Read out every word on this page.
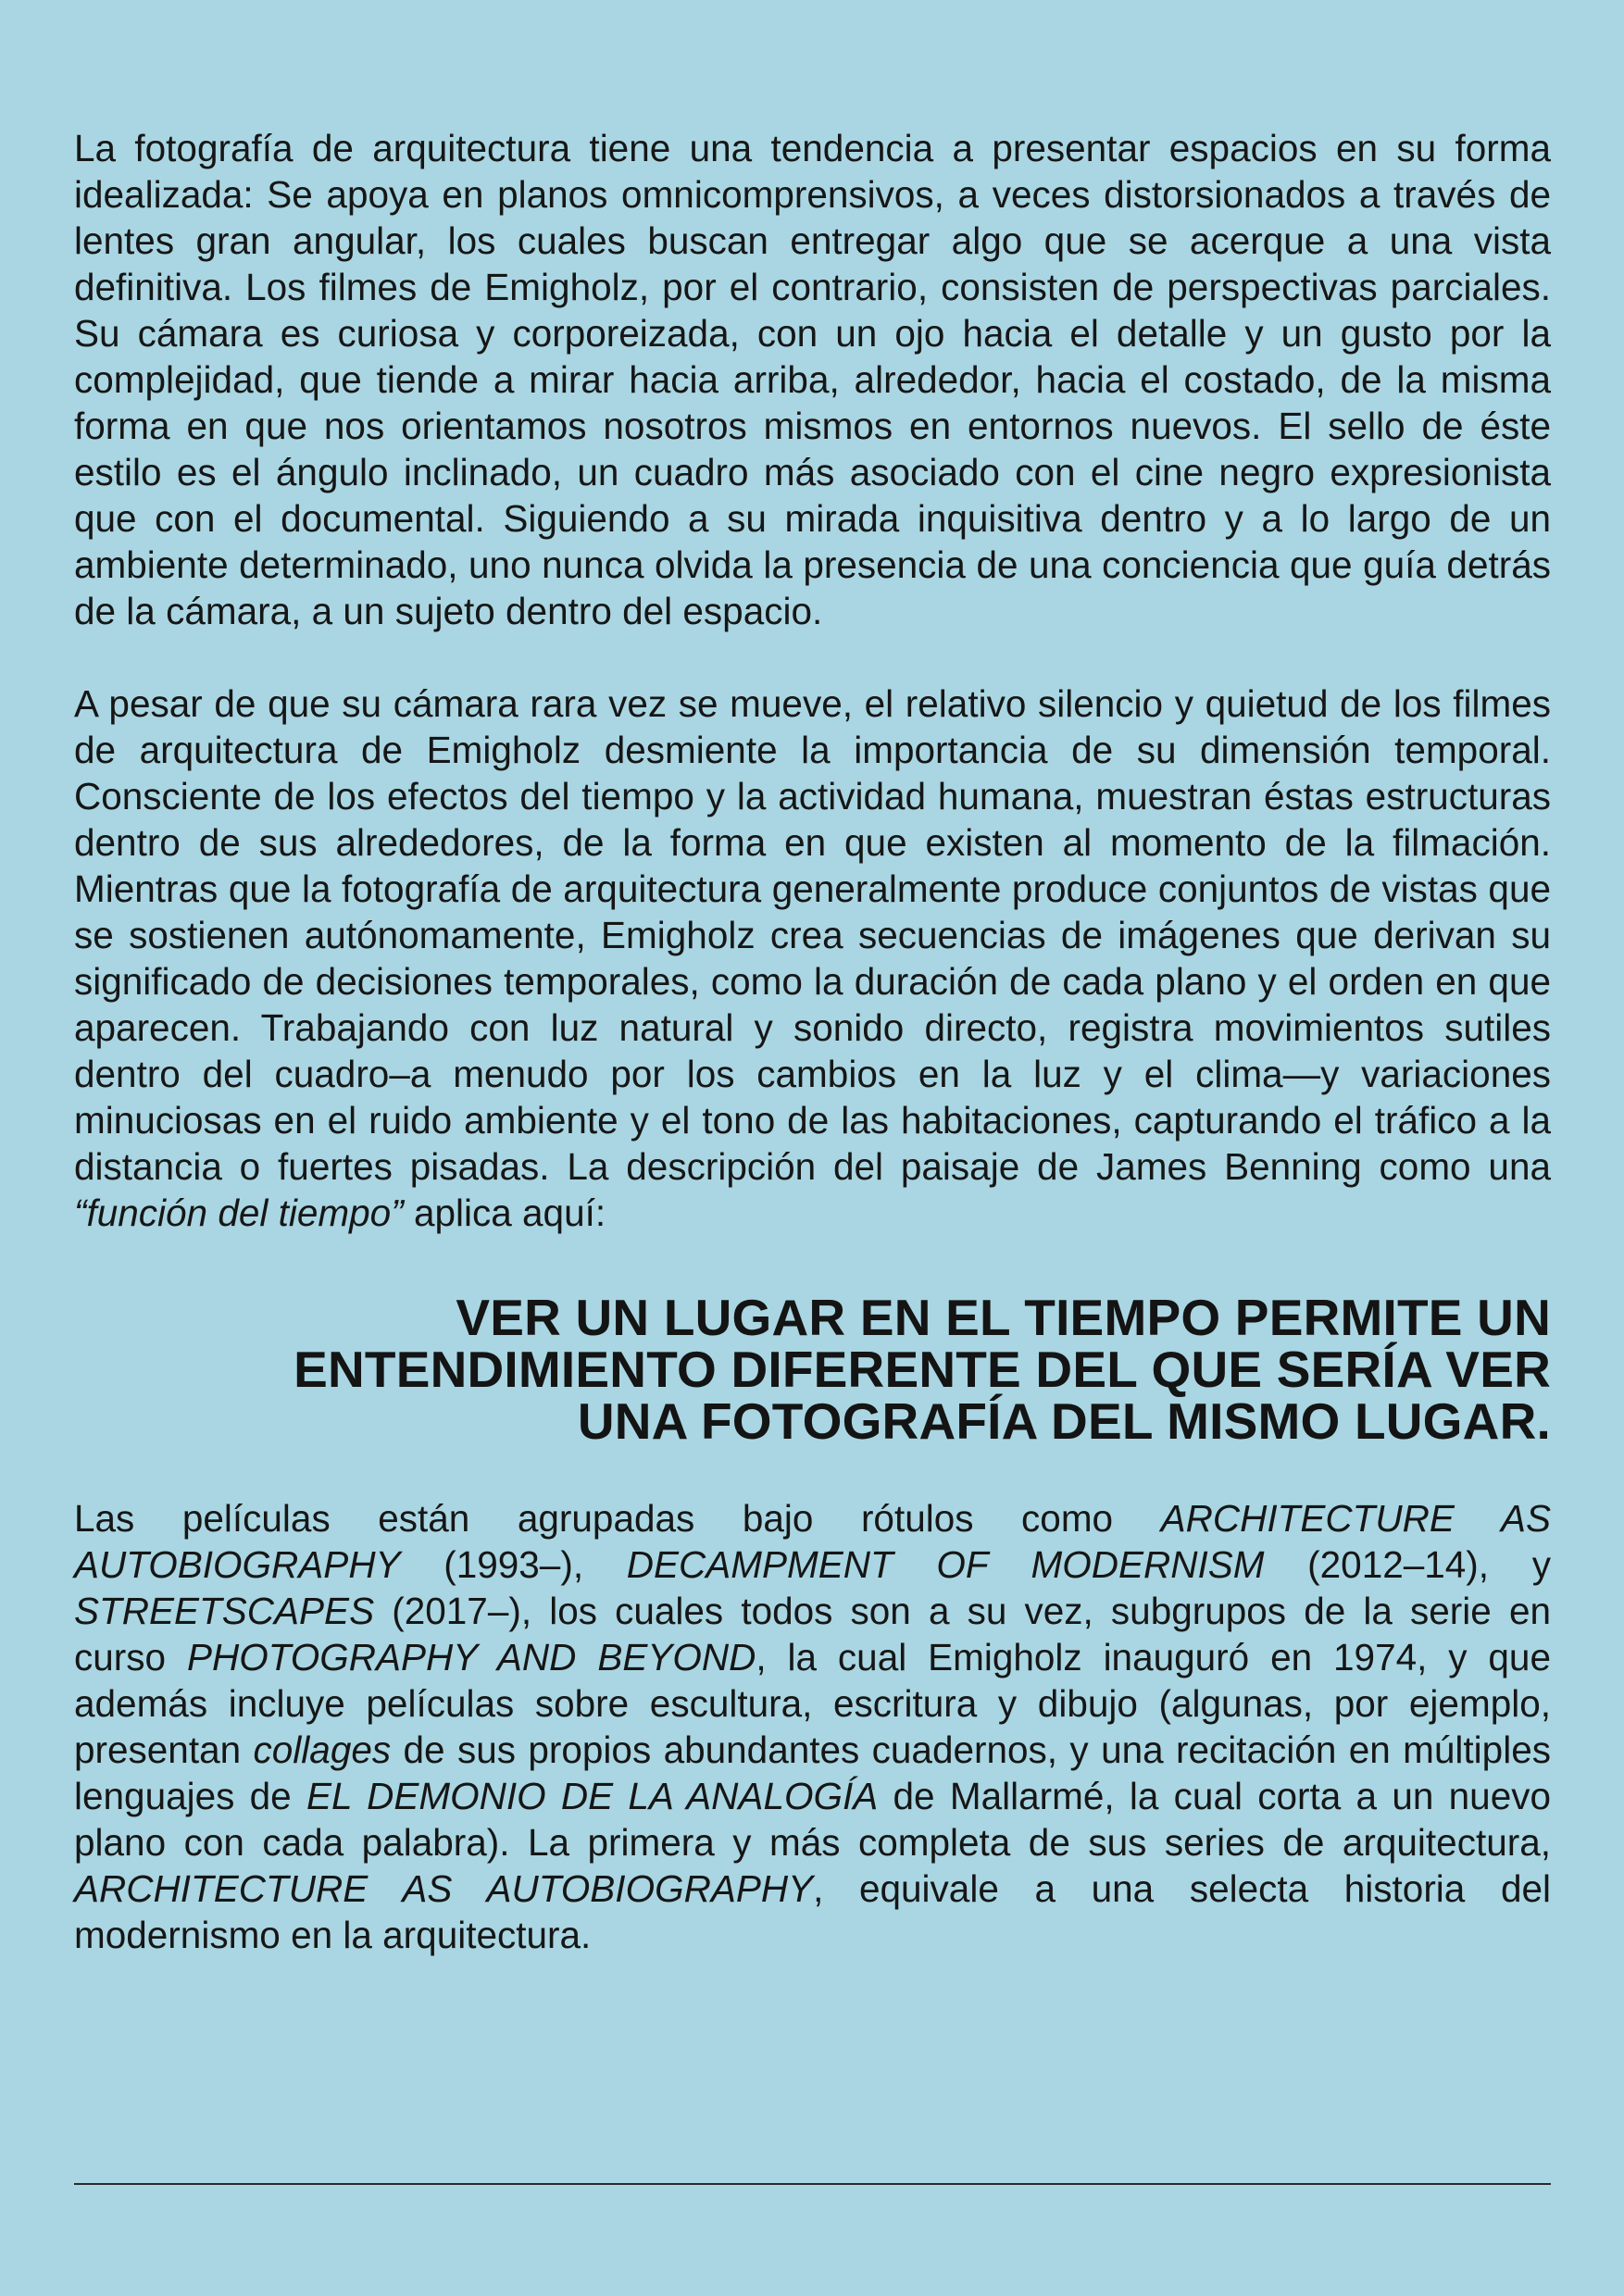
La fotografía de arquitectura tiene una tendencia a presentar espacios en su forma idealizada: Se apoya en planos omnicomprensivos, a veces distorsionados a través de lentes gran angular, los cuales buscan entregar algo que se acerque a una vista definitiva. Los filmes de Emigholz, por el contrario, consisten de perspectivas parciales. Su cámara es curiosa y corporeizada, con un ojo hacia el detalle y un gusto por la complejidad, que tiende a mirar hacia arriba, alrededor, hacia el costado, de la misma forma en que nos orientamos nosotros mismos en entornos nuevos. El sello de éste estilo es el ángulo inclinado, un cuadro más asociado con el cine negro expresionista que con el documental. Siguiendo a su mirada inquisitiva dentro y a lo largo de un ambiente determinado, uno nunca olvida la presencia de una conciencia que guía detrás de la cámara, a un sujeto dentro del espacio.

A pesar de que su cámara rara vez se mueve, el relativo silencio y quietud de los filmes de arquitectura de Emigholz desmiente la importancia de su dimensión temporal. Consciente de los efectos del tiempo y la actividad humana, muestran éstas estructuras dentro de sus alrededores, de la forma en que existen al momento de la filmación. Mientras que la fotografía de arquitectura generalmente produce conjuntos de vistas que se sostienen autónomamente, Emigholz crea secuencias de imágenes que derivan su significado de decisiones temporales, como la duración de cada plano y el orden en que aparecen. Trabajando con luz natural y sonido directo, registra movimientos sutiles dentro del cuadro–a menudo por los cambios en la luz y el clima—y variaciones minuciosas en el ruido ambiente y el tono de las habitaciones, capturando el tráfico a la distancia o fuertes pisadas. La descripción del paisaje de James Benning como una “función del tiempo” aplica aquí:

VER UN LUGAR EN EL TIEMPO PERMITE UN ENTENDIMIENTO DIFERENTE DEL QUE SERÍA VER UNA FOTOGRAFÍA DEL MISMO LUGAR.

Las películas están agrupadas bajo rótulos como ARCHITECTURE AS AUTOBIOGRAPHY (1993–), DECAMPMENT OF MODERNISM (2012–14), y STREETSCAPES (2017–), los cuales todos son a su vez, subgrupos de la serie en curso PHOTOGRAPHY AND BEYOND, la cual Emigholz inauguró en 1974, y que además incluye películas sobre escultura, escritura y dibujo (algunas, por ejemplo, presentan collages de sus propios abundantes cuadernos, y una recitación en múltiples lenguajes de EL DEMONIO DE LA ANALOGÍA de Mallarmé, la cual corta a un nuevo plano con cada palabra). La primera y más completa de sus series de arquitectura, ARCHITECTURE AS AUTOBIOGRAPHY, equivale a una selecta historia del modernismo en la arquitectura.
